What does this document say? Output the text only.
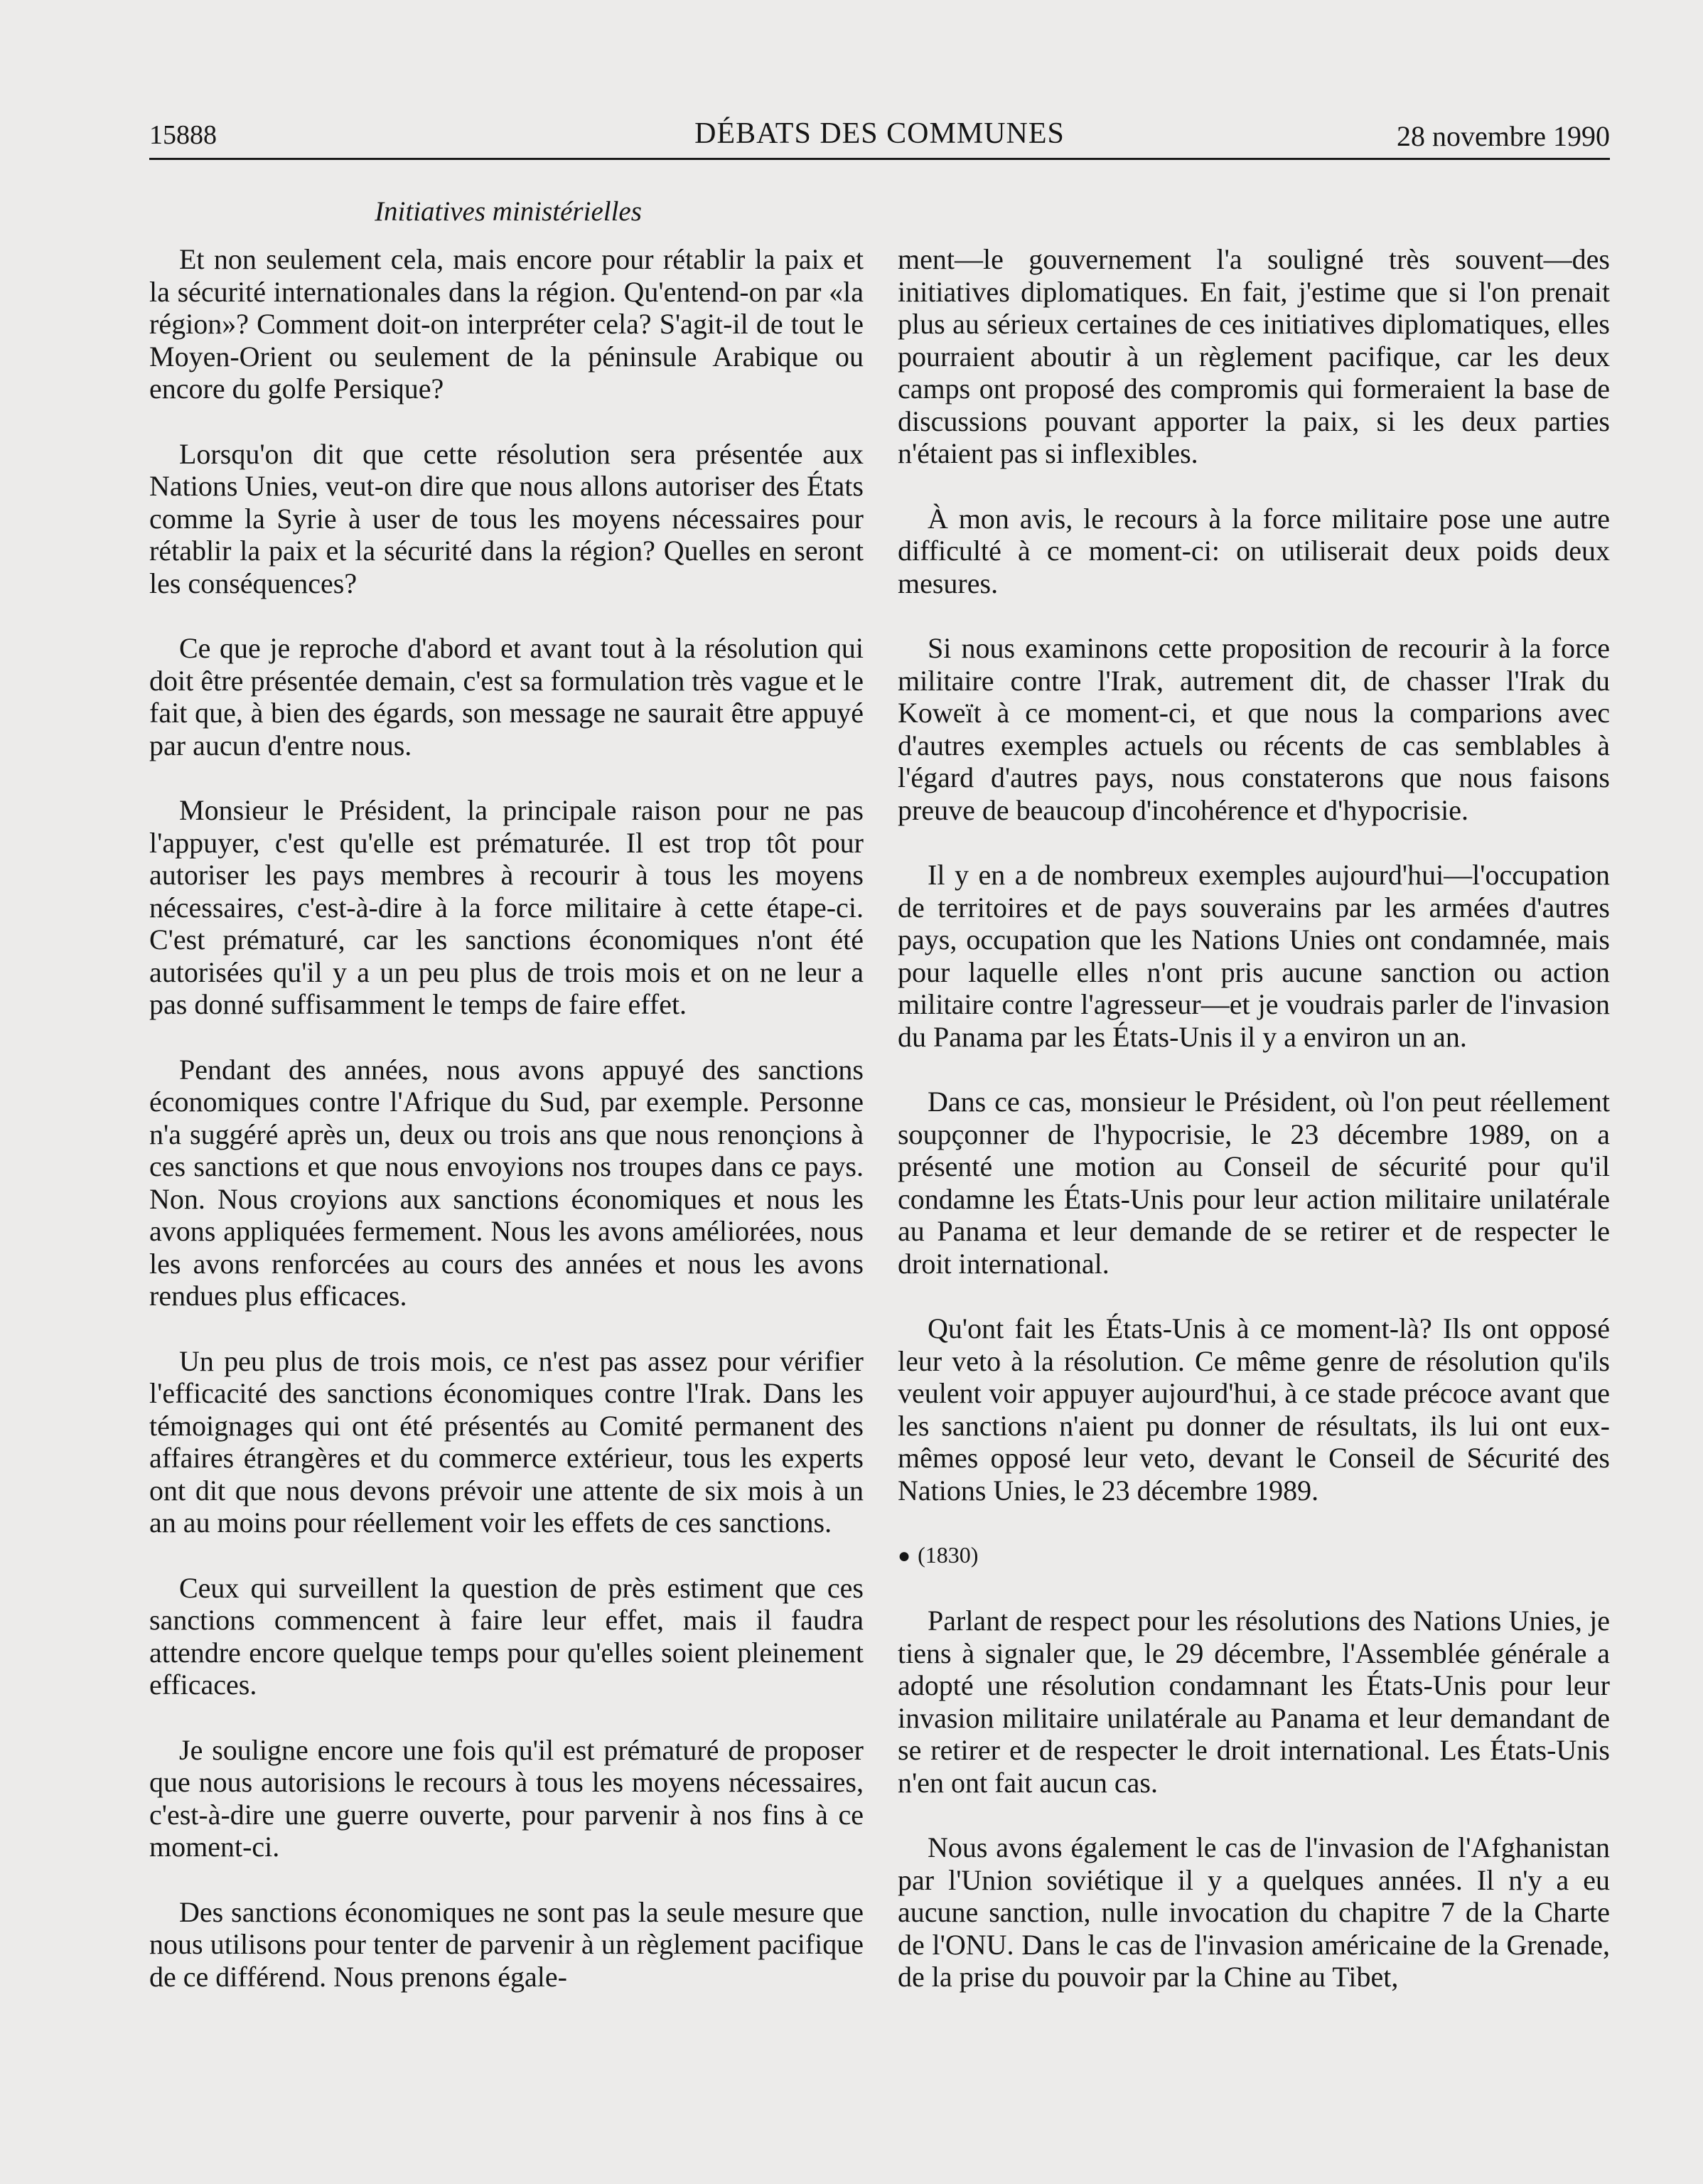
15888	DÉBATS DES COMMUNES	28 novembre 1990
Initiatives ministérielles

Et non seulement cela, mais encore pour rétablir la paix et la sécurité internationales dans la région. Qu'entend-on par «la région»? Comment doit-on interpréter cela? S'agit-il de tout le Moyen-Orient ou seulement de la péninsule Arabique ou encore du golfe Persique?

Lorsqu'on dit que cette résolution sera présentée aux Nations Unies, veut-on dire que nous allons autoriser des États comme la Syrie à user de tous les moyens nécessaires pour rétablir la paix et la sécurité dans la région? Quelles en seront les conséquences?

Ce que je reproche d'abord et avant tout à la résolution qui doit être présentée demain, c'est sa formulation très vague et le fait que, à bien des égards, son message ne saurait être appuyé par aucun d'entre nous.

Monsieur le Président, la principale raison pour ne pas l'appuyer, c'est qu'elle est prématurée. Il est trop tôt pour autoriser les pays membres à recourir à tous les moyens nécessaires, c'est-à-dire à la force militaire à cette étape-ci. C'est prématuré, car les sanctions économiques n'ont été autorisées qu'il y a un peu plus de trois mois et on ne leur a pas donné suffisamment le temps de faire effet.

Pendant des années, nous avons appuyé des sanctions économiques contre l'Afrique du Sud, par exemple. Personne n'a suggéré après un, deux ou trois ans que nous renonçions à ces sanctions et que nous envoyions nos troupes dans ce pays. Non. Nous croyions aux sanctions économiques et nous les avons appliquées fermement. Nous les avons améliorées, nous les avons renforcées au cours des années et nous les avons rendues plus efficaces.

Un peu plus de trois mois, ce n'est pas assez pour vérifier l'efficacité des sanctions économiques contre l'Irak. Dans les témoignages qui ont été présentés au Comité permanent des affaires étrangères et du commerce extérieur, tous les experts ont dit que nous devons prévoir une attente de six mois à un an au moins pour réellement voir les effets de ces sanctions.

Ceux qui surveillent la question de près estiment que ces sanctions commencent à faire leur effet, mais il faudra attendre encore quelque temps pour qu'elles soient pleinement efficaces.

Je souligne encore une fois qu'il est prématuré de proposer que nous autorisions le recours à tous les moyens nécessaires, c'est-à-dire une guerre ouverte, pour parvenir à nos fins à ce moment-ci.

Des sanctions économiques ne sont pas la seule mesure que nous utilisons pour tenter de parvenir à un règlement pacifique de ce différend. Nous prenons égale-

ment—le gouvernement l'a souligné très souvent—des initiatives diplomatiques. En fait, j'estime que si l'on prenait plus au sérieux certaines de ces initiatives diplomatiques, elles pourraient aboutir à un règlement pacifique, car les deux camps ont proposé des compromis qui formeraient la base de discussions pouvant apporter la paix, si les deux parties n'étaient pas si inflexibles.

À mon avis, le recours à la force militaire pose une autre difficulté à ce moment-ci: on utiliserait deux poids deux mesures.

Si nous examinons cette proposition de recourir à la force militaire contre l'Irak, autrement dit, de chasser l'Irak du Koweït à ce moment-ci, et que nous la comparions avec d'autres exemples actuels ou récents de cas semblables à l'égard d'autres pays, nous constaterons que nous faisons preuve de beaucoup d'incohérence et d'hypocrisie.

Il y en a de nombreux exemples aujourd'hui—l'occupation de territoires et de pays souverains par les armées d'autres pays, occupation que les Nations Unies ont condamnée, mais pour laquelle elles n'ont pris aucune sanction ou action militaire contre l'agresseur—et je voudrais parler de l'invasion du Panama par les États-Unis il y a environ un an.

Dans ce cas, monsieur le Président, où l'on peut réellement soupçonner de l'hypocrisie, le 23 décembre 1989, on a présenté une motion au Conseil de sécurité pour qu'il condamne les États-Unis pour leur action militaire unilatérale au Panama et leur demande de se retirer et de respecter le droit international.

Qu'ont fait les États-Unis à ce moment-là? Ils ont opposé leur veto à la résolution. Ce même genre de résolution qu'ils veulent voir appuyer aujourd'hui, à ce stade précoce avant que les sanctions n'aient pu donner de résultats, ils lui ont eux-mêmes opposé leur veto, devant le Conseil de Sécurité des Nations Unies, le 23 décembre 1989.

● (1830)

Parlant de respect pour les résolutions des Nations Unies, je tiens à signaler que, le 29 décembre, l'Assemblée générale a adopté une résolution condamnant les États-Unis pour leur invasion militaire unilatérale au Panama et leur demandant de se retirer et de respecter le droit international. Les États-Unis n'en ont fait aucun cas.

Nous avons également le cas de l'invasion de l'Afghanistan par l'Union soviétique il y a quelques années. Il n'y a eu aucune sanction, nulle invocation du chapitre 7 de la Charte de l'ONU. Dans le cas de l'invasion américaine de la Grenade, de la prise du pouvoir par la Chine au Tibet,
